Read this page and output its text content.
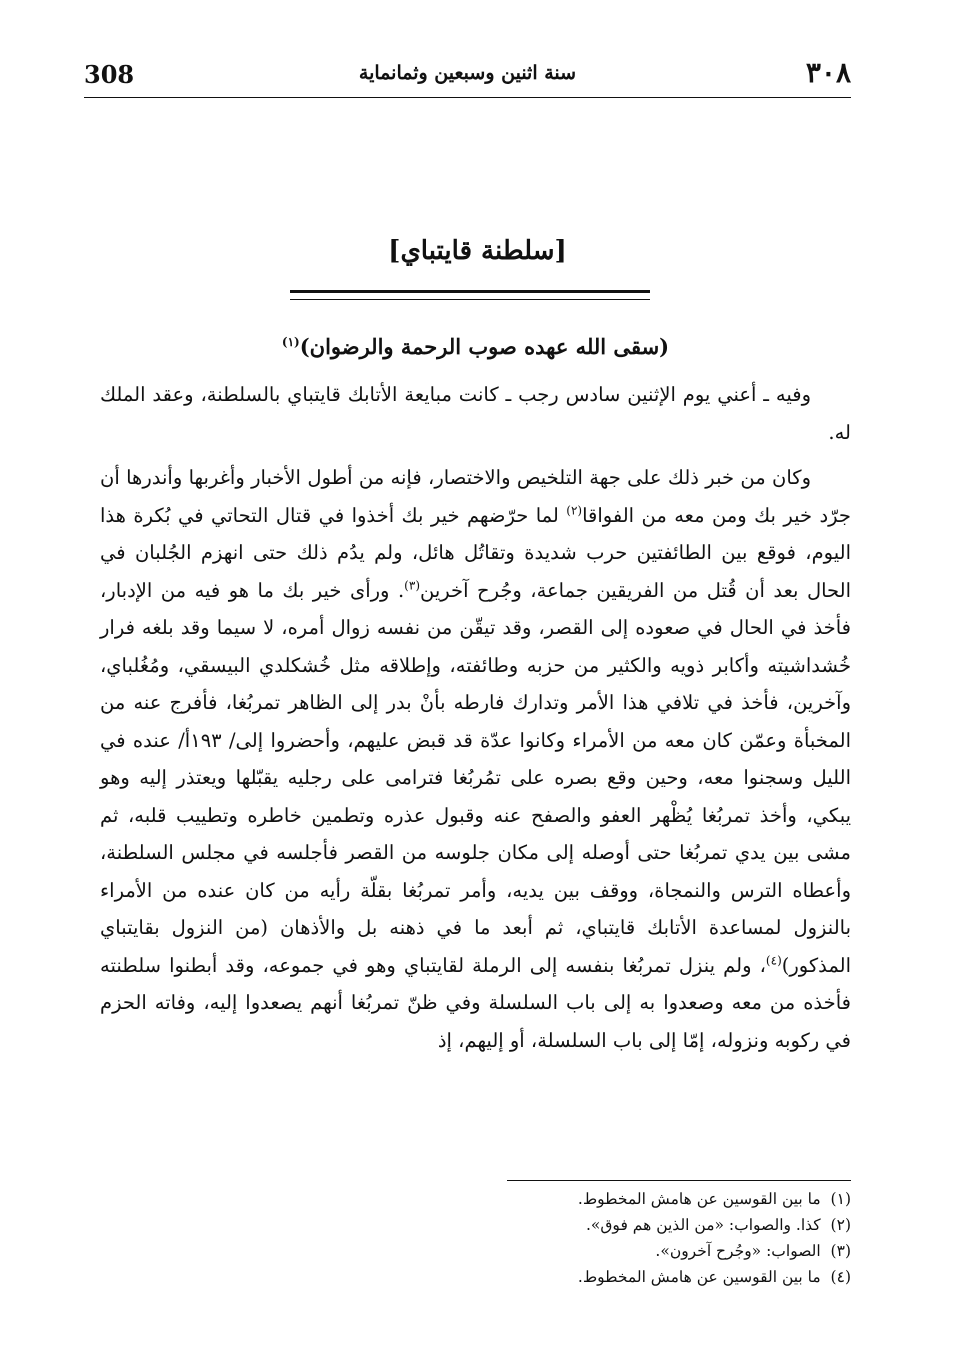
308	سنة اثنين وسبعين وثمانماية	٣٠٨
[سلطنة قايتباي]
(سقى الله عهده صوب الرحمة والرضوان)$^{(١)}$

وفيه ـ أعني يوم الإثنين سادس رجب ـ كانت مبايعة الأتابك قايتباي بالسلطنة، وعقد الملك له.

وكان من خبر ذلك على جهة التلخيص والاختصار، فإنه من أطول الأخبار وأغربها وأندرها أن جرّد خير بك ومن معه من الفواقا$^{(٢)}$ لما حرّضهم خير بك أخذوا في قتال التحاتي في بُكرة هذا اليوم، فوقع بين الطائفتين حرب شديدة وتقاتُل هائل، ولم يدُم ذلك حتى انهزم الجُلبان في الحال بعد أن قُتل من الفريقين جماعة، وجُرح آخرين$^{(٣)}$. ورأى خير بك ما هو فيه من الإدبار، فأخذ في الحال في صعوده إلى القصر، وقد تيقّن من نفسه زوال أمره، لا سيما وقد بلغه فرار خُشداشيته وأكابر ذويه والكثير من حزبه وطائفته، وإطلاقه مثل خُشكلدي البيسقي، ومُغُلباي، وآخرين، فأخذ في تلافي هذا الأمر وتدارك فارطه بأنْ بدر إلى الظاهر تمربُغا، فأفرج عنه من المخبأة وعمّن كان معه من الأمراء وكانوا عدّة قد قبض عليهم، وأحضروا إلى/ ١٩٣أ/ عنده في الليل وسجنوا معه، وحين وقع بصره على تمُربُغا فترامى على رجليه يقبّلها ويعتذر إليه وهو يبكي، وأخذ تمربُغا يُظْهر العفو والصفح عنه وقبول عذره وتطمين خاطره وتطييب قلبه، ثم مشى بين يدي تمربُغا حتى أوصله إلى مكان جلوسه من القصر فأجلسه في مجلس السلطنة، وأعطاه الترس والنمجاة، ووقف بين يديه، وأمر تمربُغا بقلّة رأيه من كان عنده من الأمراء بالنزول لمساعدة الأتابك قايتباي، ثم أبعد ما في ذهنه بل والأذهان (من النزول بقايتباي المذكور)$^{(٤)}$، ولم ينزل تمربُغا بنفسه إلى الرملة لقايتباي وهو في جموعه، وقد أبطنوا سلطنته فأخذه من معه وصعدوا به إلى باب السلسلة وفي ظنّ تمربُغا أنهم يصعدوا إليه، وفاته الحزم في ركوبه ونزوله، إمّا إلى باب السلسلة، أو إليهم، إذ

(١)  ما بين القوسين عن هامش المخطوط.

(٢)  كذا. والصواب: «من الذين هم فوق».

(٣)  الصواب: «وجُرح آخرون».

(٤)  ما بين القوسين عن هامش المخطوط.
